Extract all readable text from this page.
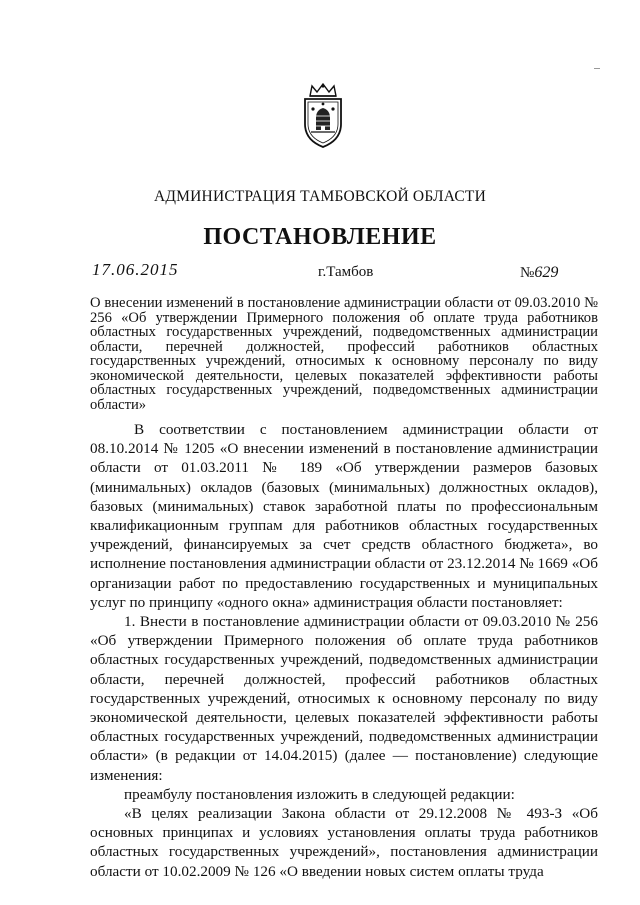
АДМИНИСТРАЦИЯ ТАМБОВСКОЙ ОБЛАСТИ
ПОСТАНОВЛЕНИЕ
17.06.2015	г.Тамбов	№629
О внесении изменений в постановление администрации области от 09.03.2010 № 256 «Об утверждении Примерного положения об оплате труда работников областных государственных учреждений, подведомственных администрации области, перечней должностей, профессий работников областных государственных учреждений, относимых к основному персоналу по виду экономической деятельности, целевых показателей эффективности работы областных государственных учреждений, подведомственных администрации области»

В соответствии с постановлением администрации области от 08.10.2014 № 1205 «О внесении изменений в постановление администрации области от 01.03.2011 № 189 «Об утверждении размеров базовых (минимальных) окладов (базовых (минимальных) должностных окладов), базовых (минимальных) ставок заработной платы по профессиональным квалификационным группам для работников областных государственных учреждений, финансируемых за счет средств областного бюджета», во исполнение постановления администрации области от 23.12.2014 № 1669 «Об организации работ по предоставлению государственных и муниципальных услуг по принципу «одного окна» администрация области постановляет:

1. Внести в постановление администрации области от 09.03.2010 № 256 «Об утверждении Примерного положения об оплате труда работников областных государственных учреждений, подведомственных администрации области, перечней должностей, профессий работников областных государственных учреждений, относимых к основному персоналу по виду экономической деятельности, целевых показателей эффективности работы областных государственных учреждений, подведомственных администрации области» (в редакции от 14.04.2015) (далее — постановление) следующие изменения:

преамбулу постановления изложить в следующей редакции:

«В целях реализации Закона области от 29.12.2008 № 493-З «Об основных принципах и условиях установления оплаты труда работников областных государственных учреждений», постановления администрации области от 10.02.2009 № 126 «О введении новых систем оплаты труда
